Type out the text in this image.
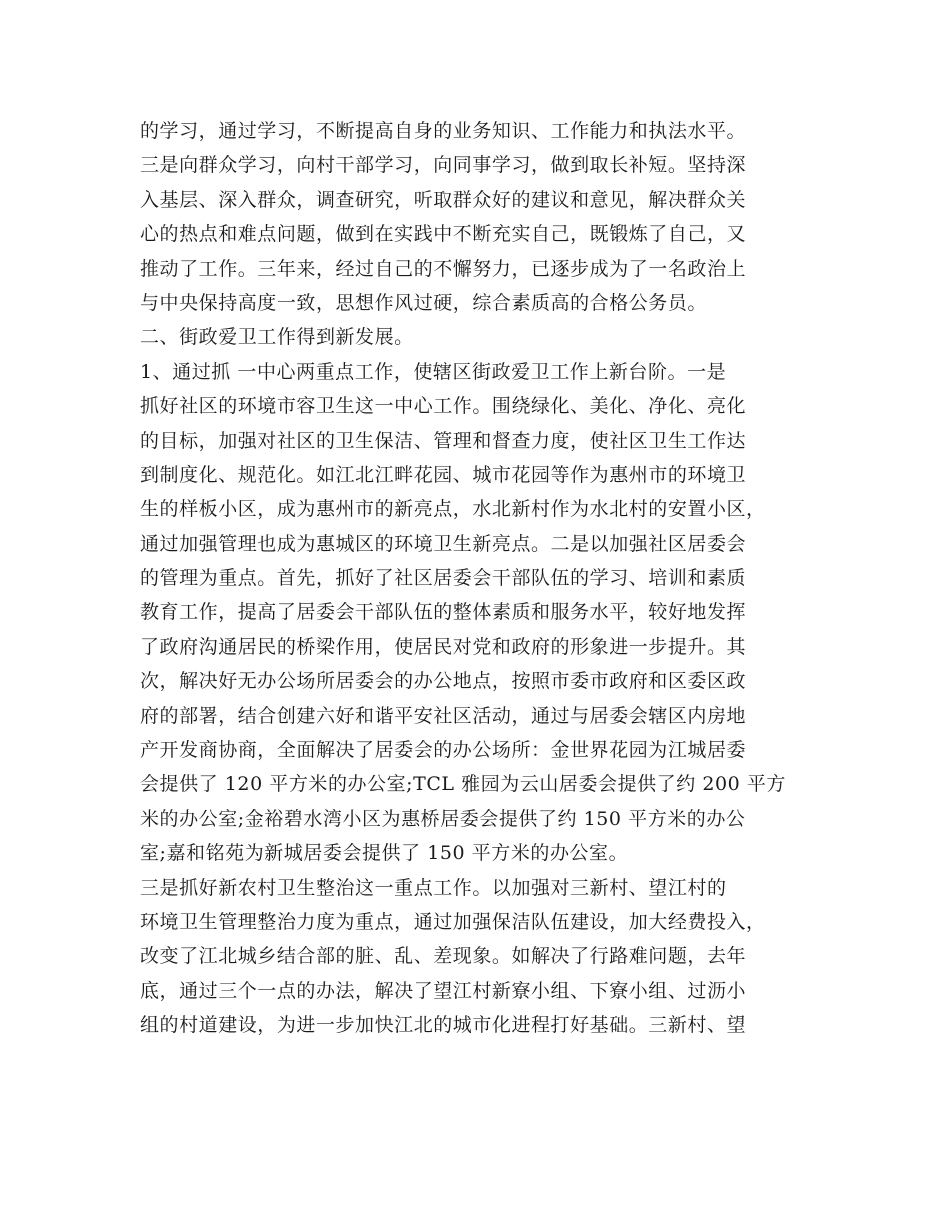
的学习，通过学习，不断提高自身的业务知识、工作能力和执法水平。
三是向群众学习，向村干部学习，向同事学习，做到取长补短。坚持深
入基层、深入群众，调查研究，听取群众好的建议和意见，解决群众关
心的热点和难点问题，做到在实践中不断充实自己，既锻炼了自己，又
推动了工作。三年来，经过自己的不懈努力，已逐步成为了一名政治上
与中央保持高度一致，思想作风过硬，综合素质高的合格公务员。
二、街政爱卫工作得到新发展。
1、通过抓 一中心两重点工作，使辖区街政爱卫工作上新台阶。一是
抓好社区的环境市容卫生这一中心工作。围绕绿化、美化、净化、亮化
的目标，加强对社区的卫生保洁、管理和督查力度，使社区卫生工作达
到制度化、规范化。如江北江畔花园、城市花园等作为惠州市的环境卫
生的样板小区，成为惠州市的新亮点，水北新村作为水北村的安置小区，
通过加强管理也成为惠城区的环境卫生新亮点。二是以加强社区居委会
的管理为重点。首先，抓好了社区居委会干部队伍的学习、培训和素质
教育工作，提高了居委会干部队伍的整体素质和服务水平，较好地发挥
了政府沟通居民的桥梁作用，使居民对党和政府的形象进一步提升。其
次，解决好无办公场所居委会的办公地点，按照市委市政府和区委区政
府的部署，结合创建六好和谐平安社区活动，通过与居委会辖区内房地
产开发商协商，全面解决了居委会的办公场所：金世界花园为江城居委
会提供了 120 平方米的办公室;TCL 雅园为云山居委会提供了约 200 平方
米的办公室;金裕碧水湾小区为惠桥居委会提供了约 150 平方米的办公
室;嘉和铭苑为新城居委会提供了 150 平方米的办公室。
三是抓好新农村卫生整治这一重点工作。以加强对三新村、望江村的
环境卫生管理整治力度为重点，通过加强保洁队伍建设，加大经费投入，
改变了江北城乡结合部的脏、乱、差现象。如解决了行路难问题，去年
底，通过三个一点的办法，解决了望江村新寮小组、下寮小组、过沥小
组的村道建设，为进一步加快江北的城市化进程打好基础。三新村、望
